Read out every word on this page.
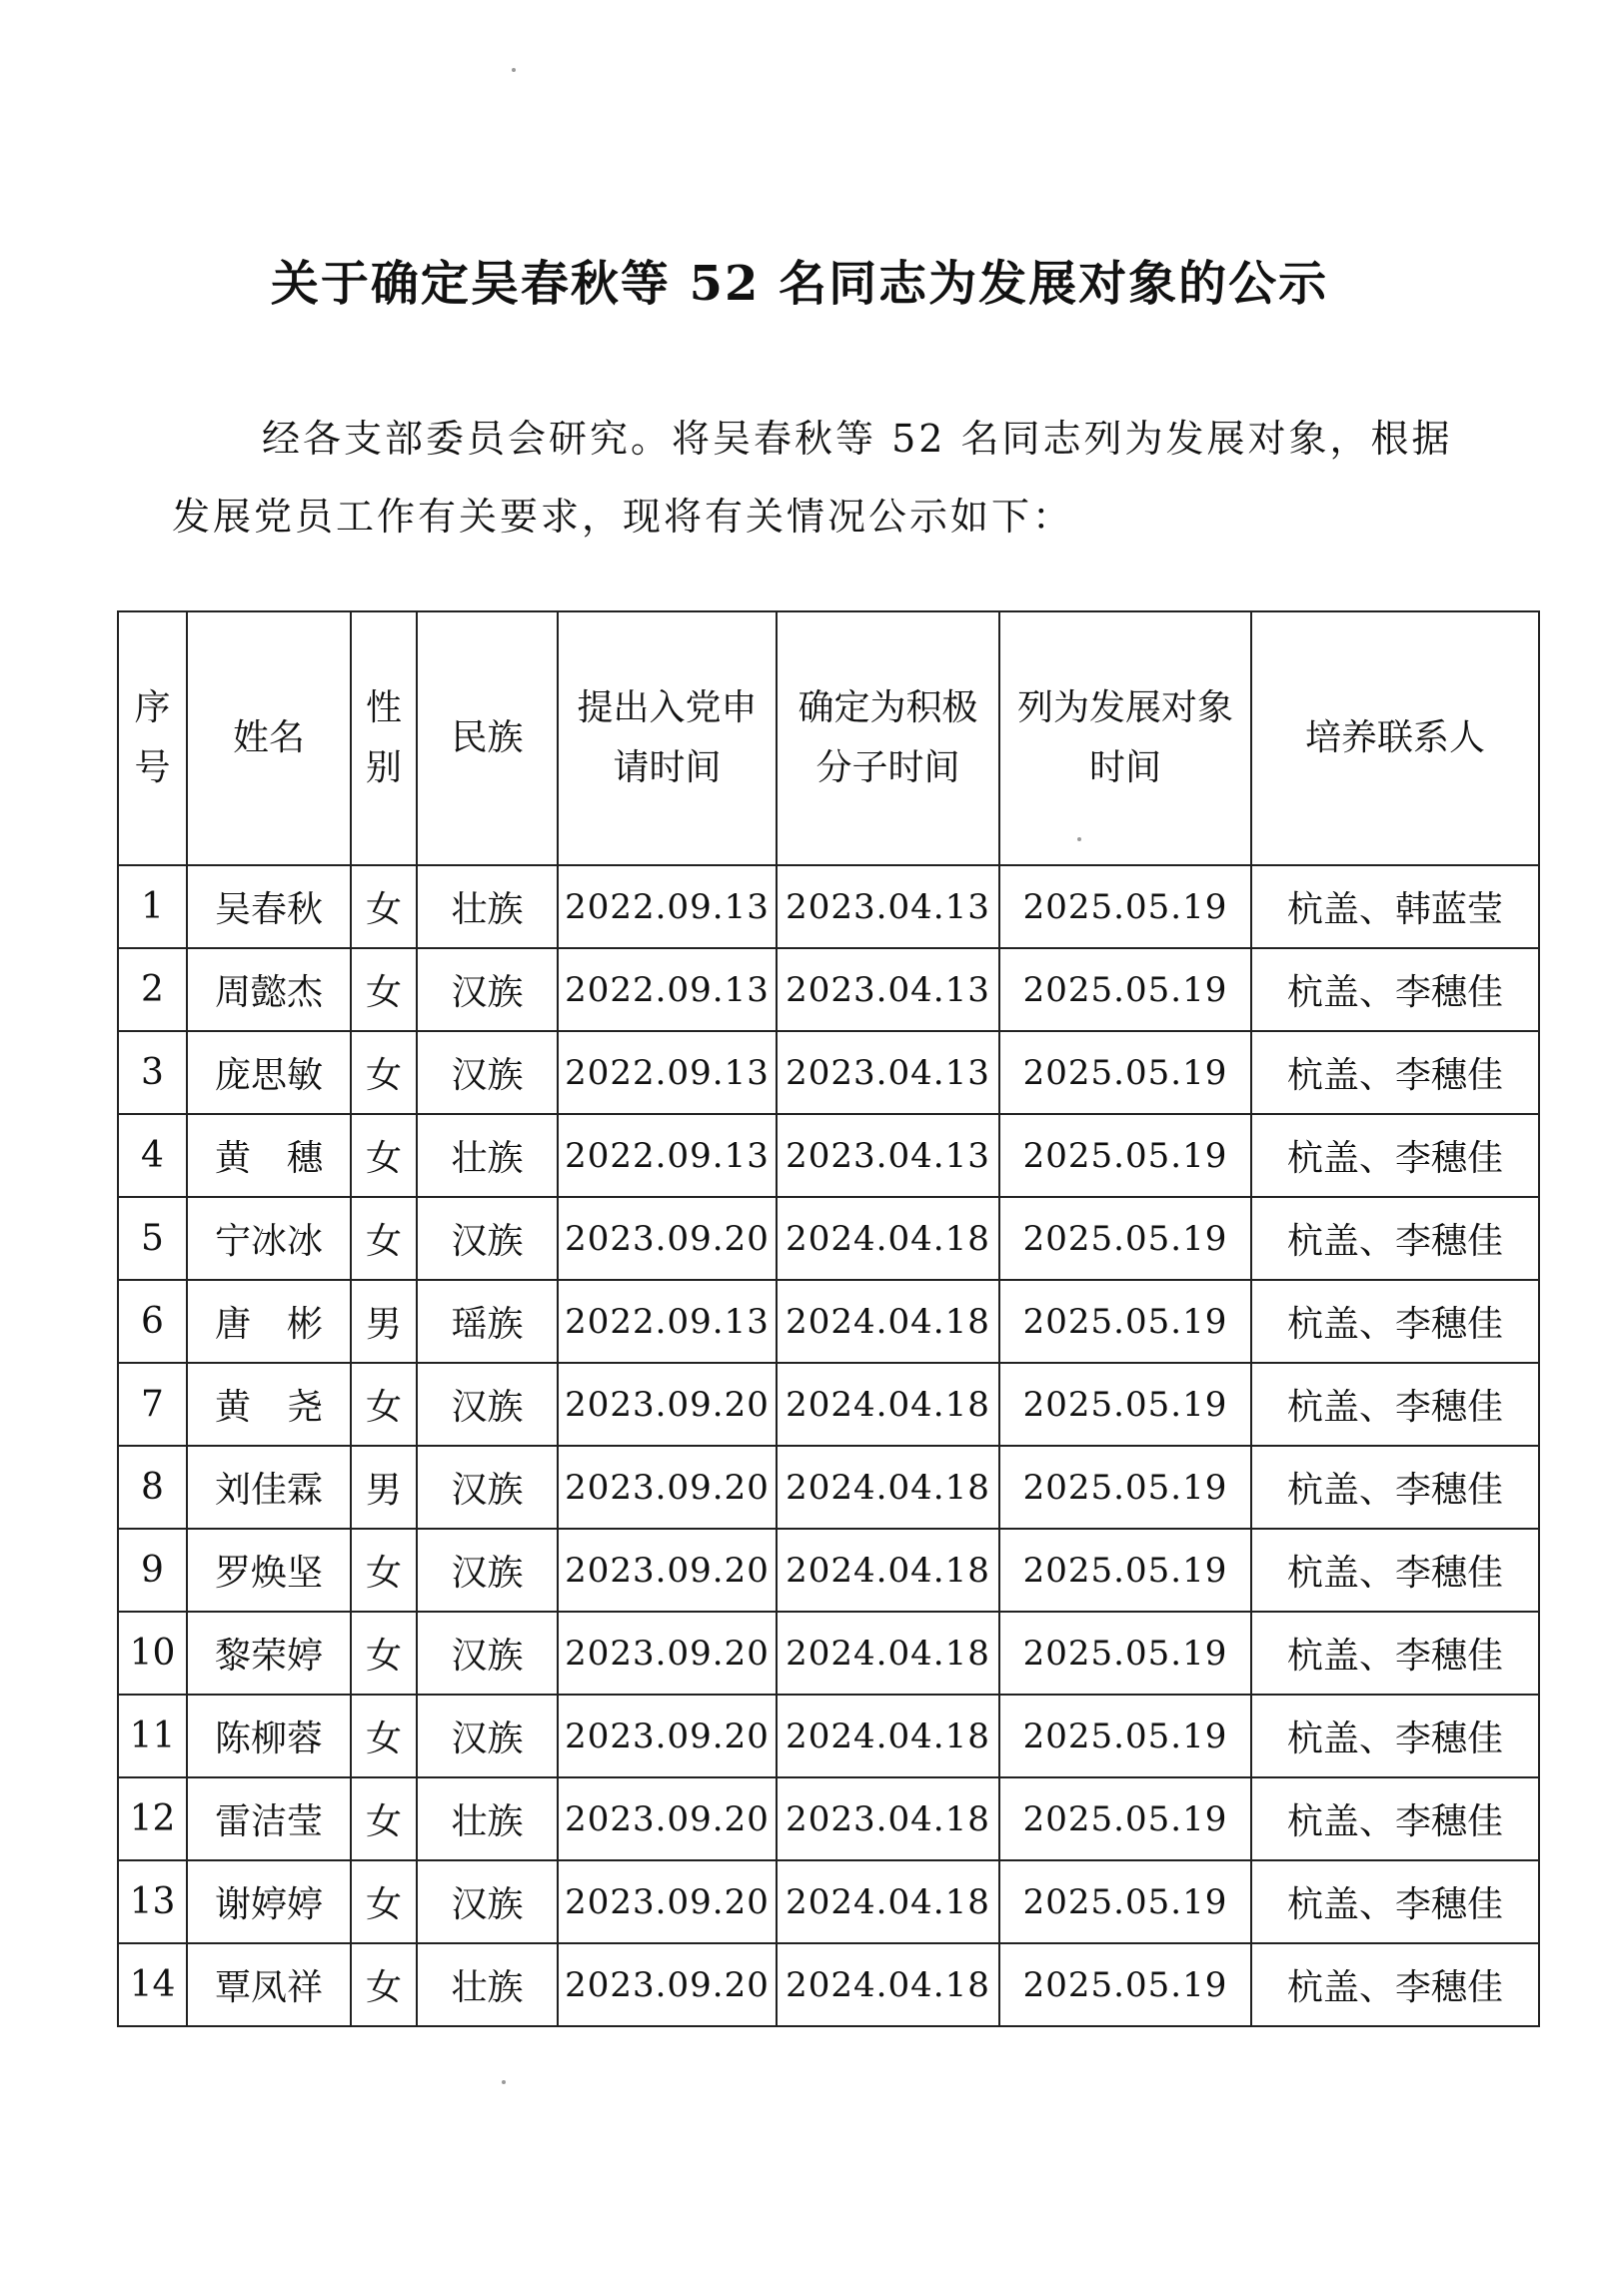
关于确定吴春秋等 52 名同志为发展对象的公示
经各支部委员会研究。将吴春秋等 52 名同志列为发展对象，根据发展党员工作有关要求，现将有关情况公示如下：
序号	姓名	性别	民族	提出入党申请时间	确定为积极分子时间	列为发展对象时间	培养联系人
1	吴春秋	女	壮族	2022.09.13	2023.04.13	2025.05.19	杭盖、韩蓝莹
2	周懿杰	女	汉族	2022.09.13	2023.04.13	2025.05.19	杭盖、李穗佳
3	庞思敏	女	汉族	2022.09.13	2023.04.13	2025.05.19	杭盖、李穗佳
4	黄　穗	女	壮族	2022.09.13	2023.04.13	2025.05.19	杭盖、李穗佳
5	宁冰冰	女	汉族	2023.09.20	2024.04.18	2025.05.19	杭盖、李穗佳
6	唐　彬	男	瑶族	2022.09.13	2024.04.18	2025.05.19	杭盖、李穗佳
7	黄　尧	女	汉族	2023.09.20	2024.04.18	2025.05.19	杭盖、李穗佳
8	刘佳霖	男	汉族	2023.09.20	2024.04.18	2025.05.19	杭盖、李穗佳
9	罗焕坚	女	汉族	2023.09.20	2024.04.18	2025.05.19	杭盖、李穗佳
10	黎荣婷	女	汉族	2023.09.20	2024.04.18	2025.05.19	杭盖、李穗佳
11	陈柳蓉	女	汉族	2023.09.20	2024.04.18	2025.05.19	杭盖、李穗佳
12	雷洁莹	女	壮族	2023.09.20	2023.04.18	2025.05.19	杭盖、李穗佳
13	谢婷婷	女	汉族	2023.09.20	2024.04.18	2025.05.19	杭盖、李穗佳
14	覃凤祥	女	壮族	2023.09.20	2024.04.18	2025.05.19	杭盖、李穗佳
